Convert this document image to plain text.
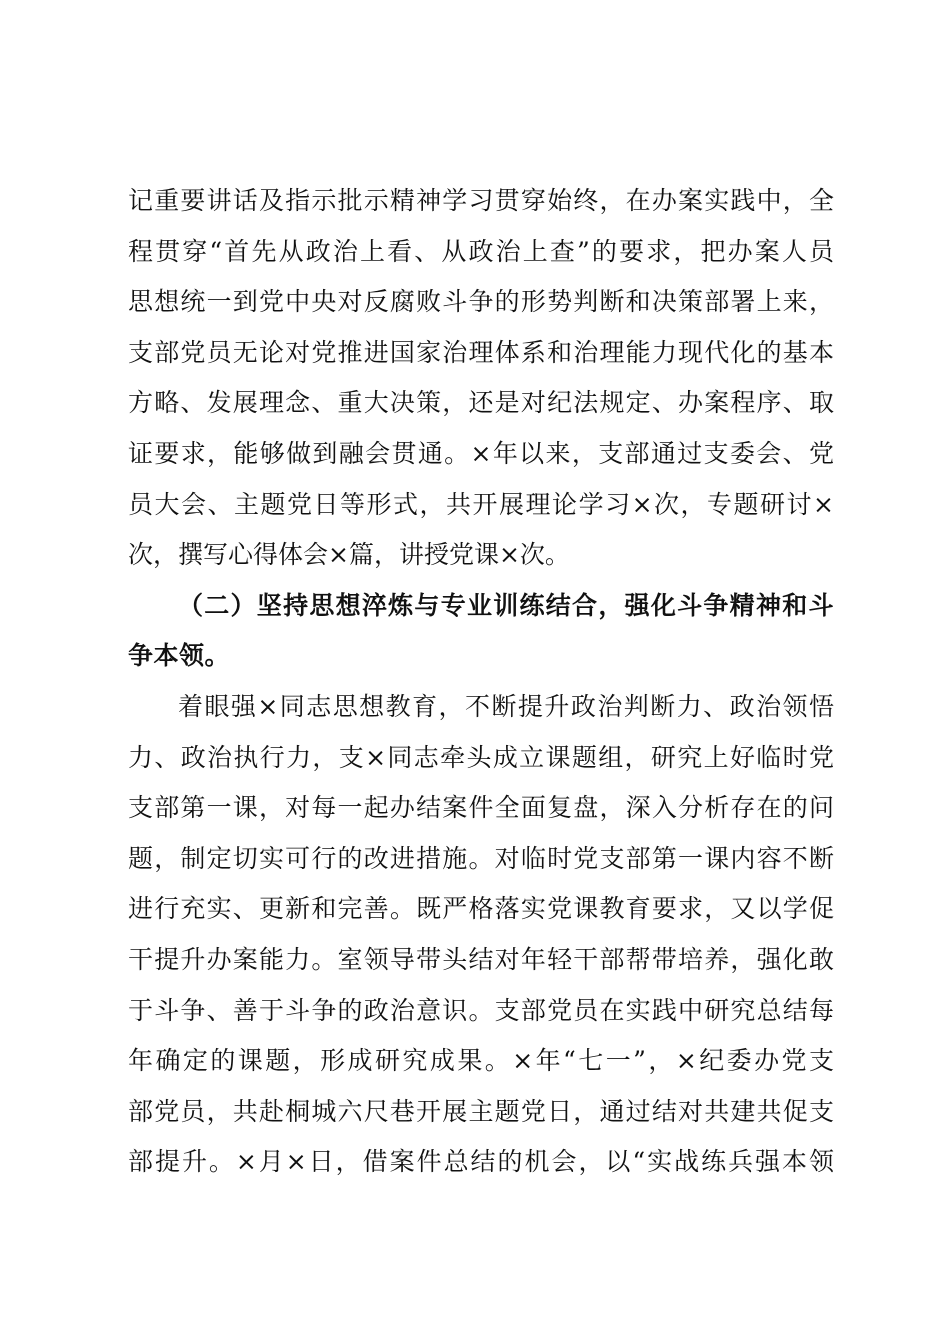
记重要讲话及指示批示精神学习贯穿始终，在办案实践中，全
程贯穿“首先从政治上看、从政治上查”的要求，把办案人员
思想统一到党中央对反腐败斗争的形势判断和决策部署上来，
支部党员无论对党推进国家治理体系和治理能力现代化的基本
方略、发展理念、重大决策，还是对纪法规定、办案程序、取
证要求，能够做到融会贯通。×年以来，支部通过支委会、党
员大会、主题党日等形式，共开展理论学习×次，专题研讨×
次，撰写心得体会×篇，讲授党课×次。
（二）坚持思想淬炼与专业训练结合，强化斗争精神和斗
争本领。
着眼强×同志思想教育，不断提升政治判断力、政治领悟
力、政治执行力，支×同志牵头成立课题组，研究上好临时党
支部第一课，对每一起办结案件全面复盘，深入分析存在的问
题，制定切实可行的改进措施。对临时党支部第一课内容不断
进行充实、更新和完善。既严格落实党课教育要求，又以学促
干提升办案能力。室领导带头结对年轻干部帮带培养，强化敢
于斗争、善于斗争的政治意识。支部党员在实践中研究总结每
年确定的课题，形成研究成果。×年“七一”，×纪委办党支
部党员，共赴桐城六尺巷开展主题党日，通过结对共建共促支
部提升。×月×日，借案件总结的机会，以“实战练兵强本领
